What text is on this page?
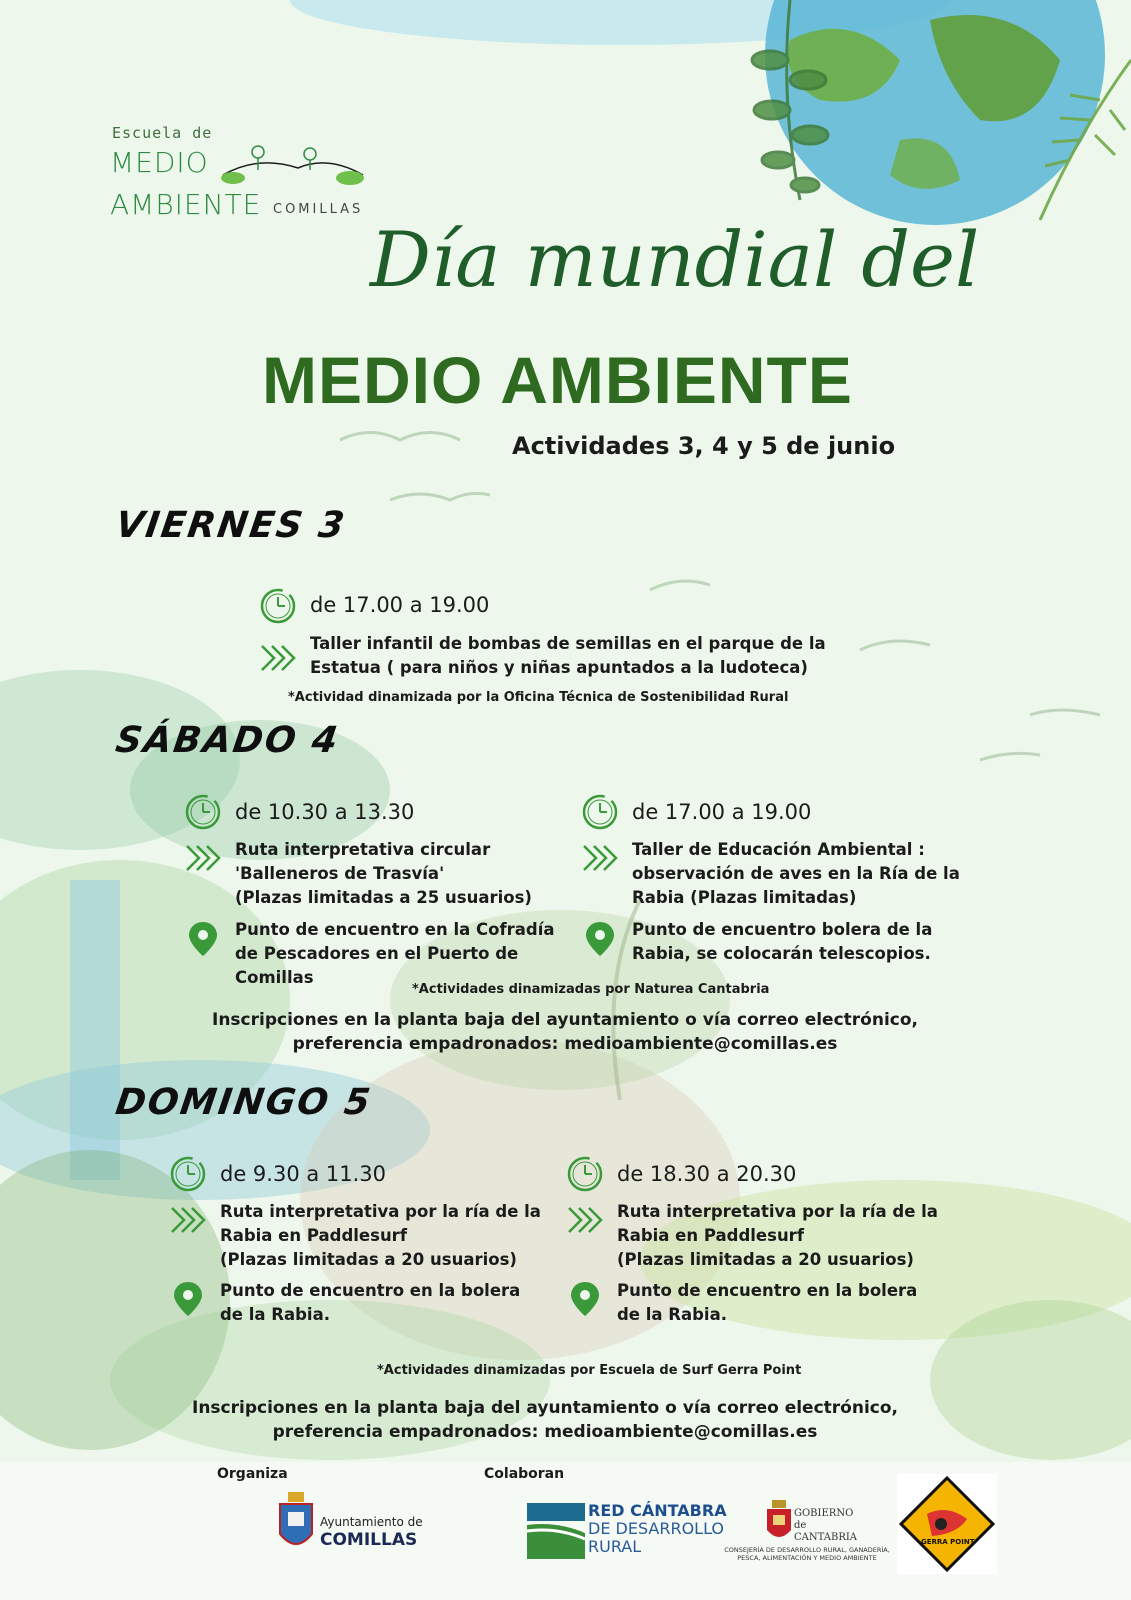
Escuela de
MEDIO
AMBIENTE COMILLAS
Día mundial del
MEDIO AMBIENTE
Actividades 3, 4 y 5 de junio
VIERNES 3
de 17.00 a 19.00
Taller infantil de bombas de semillas en el parque de la
Estatua ( para niños y niñas apuntados a la ludoteca)
*Actividad dinamizada por la Oficina Técnica de Sostenibilidad Rural
SÁBADO 4
de 10.30 a 13.30
Ruta interpretativa circular
'Balleneros de Trasvía'
(Plazas limitadas a 25 usuarios)
Punto de encuentro en la Cofradía
de Pescadores en el Puerto de
Comillas
de 17.00 a 19.00
Taller de Educación Ambiental :
observación de aves en la Ría de la
Rabia (Plazas limitadas)
Punto de encuentro bolera de la
Rabia, se colocarán telescopios.
*Actividades dinamizadas por Naturea Cantabria
Inscripciones en la planta baja del ayuntamiento o vía correo electrónico,
preferencia empadronados: medioambiente@comillas.es
DOMINGO 5
de 9.30 a 11.30
Ruta interpretativa por la ría de la
Rabia en Paddlesurf
(Plazas limitadas a 20 usuarios)
Punto de encuentro en la bolera
de la Rabia.
de 18.30 a 20.30
Ruta interpretativa por la ría de la
Rabia en Paddlesurf
(Plazas limitadas a 20 usuarios)
Punto de encuentro en la bolera
de la Rabia.
*Actividades dinamizadas por Escuela de Surf Gerra Point
Inscripciones en la planta baja del ayuntamiento o vía correo electrónico,
preferencia empadronados: medioambiente@comillas.es
Organiza	Colaboran
Ayuntamiento de
COMILLAS
RED CÁNTABRA
DE DESARROLLO
RURAL
GOBIERNO
de
CANTABRIA
CONSEJERÍA DE DESARROLLO RURAL, GANADERÍA,
PESCA, ALIMENTACIÓN Y MEDIO AMBIENTE
GERRA POINT
